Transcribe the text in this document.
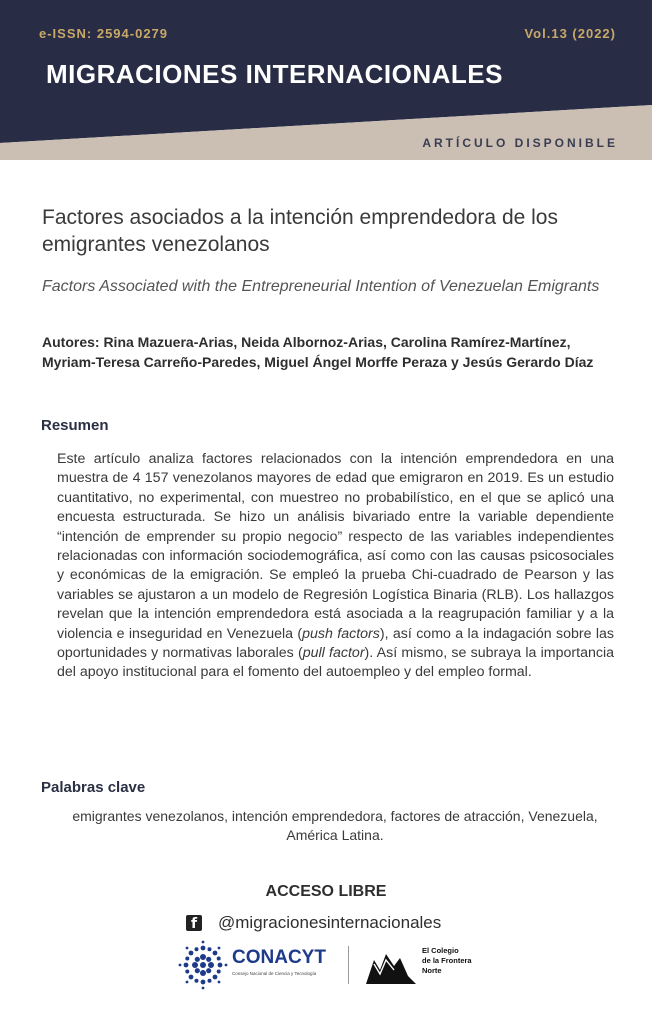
e-ISSN: 2594-0279	Vol.13 (2022)
MIGRACIONES INTERNACIONALES
ARTÍCULO DISPONIBLE
Factores asociados a la intención emprendedora de los emigrantes venezolanos
Factors Associated with the Entrepreneurial Intention of Venezuelan Emigrants
Autores: Rina Mazuera-Arias, Neida Albornoz-Arias, Carolina Ramírez-Martínez, Myriam-Teresa Carreño-Paredes, Miguel Ángel Morffe Peraza y Jesús Gerardo Díaz
Resumen
Este artículo analiza factores relacionados con la intención emprendedora en una muestra de 4 157 venezolanos mayores de edad que emigraron en 2019. Es un estudio cuantitativo, no experimental, con muestreo no probabilístico, en el que se aplicó una encuesta estructurada. Se hizo un análisis bivariado entre la variable dependiente “intención de emprender su propio negocio” respecto de las variables independientes relacionadas con información sociodemográfica, así como con las causas psicosociales y económicas de la emigración. Se empleó la prueba Chi-cuadrado de Pearson y las variables se ajustaron a un modelo de Regresión Logística Binaria (RLB). Los hallazgos revelan que la intención emprendedora está asociada a la reagrupación familiar y a la violencia e inseguridad en Venezuela (push factors), así como a la indagación sobre las oportunidades y normativas laborales (pull factor). Así mismo, se subraya la importancia del apoyo institucional para el fomento del autoempleo y del empleo formal.
Palabras clave
emigrantes venezolanos, intención emprendedora, factores de atracción, Venezuela, América Latina.
ACCESO LIBRE
f @migracionesinternacionales
CONACYT
Consejo Nacional de Ciencia y Tecnología
El Colegio
de la Frontera
Norte
